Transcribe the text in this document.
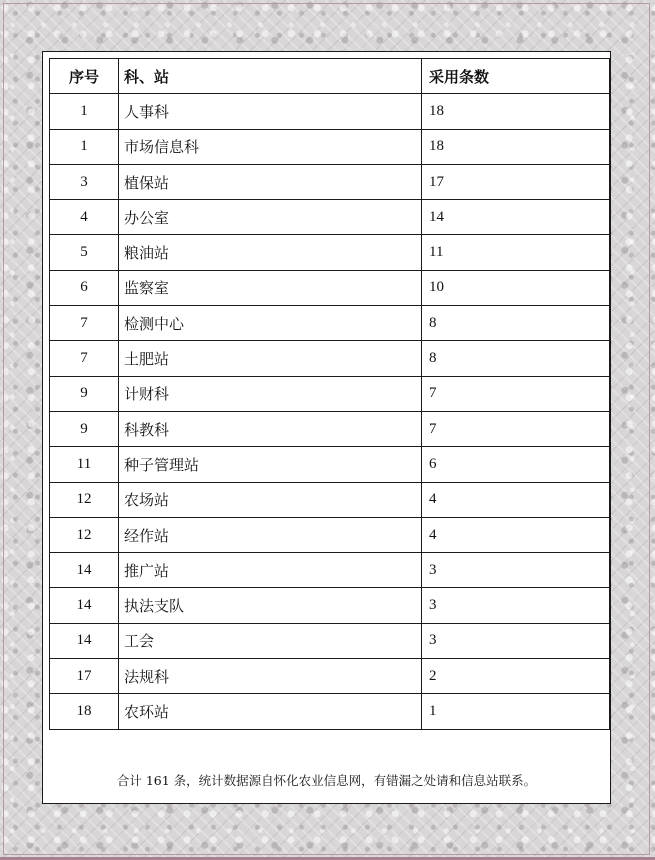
序号	科、站	采用条数
1	人事科	18
1	市场信息科	18
3	植保站	17
4	办公室	14
5	粮油站	11
6	监察室	10
7	检测中心	8
7	土肥站	8
9	计财科	7
9	科教科	7
11	种子管理站	6
12	农场站	4
12	经作站	4
14	推广站	3
14	执法支队	3
14	工会	3
17	法规科	2
18	农环站	1
合计 161 条，统计数据源自怀化农业信息网，有错漏之处请和信息站联系。
